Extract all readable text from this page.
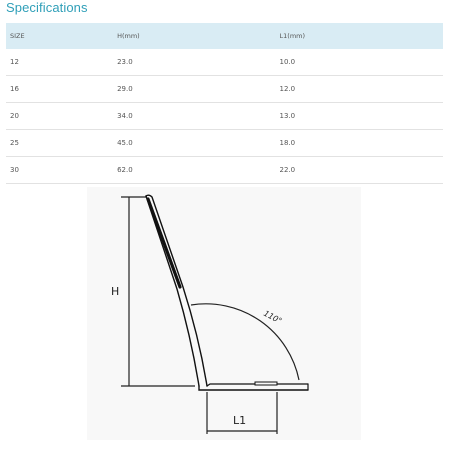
Specifications
SIZE	H(mm)	L1(mm)
12	23.0	10.0
16	29.0	12.0
20	34.0	13.0
25	45.0	18.0
30	62.0	22.0
H
L1
110°
